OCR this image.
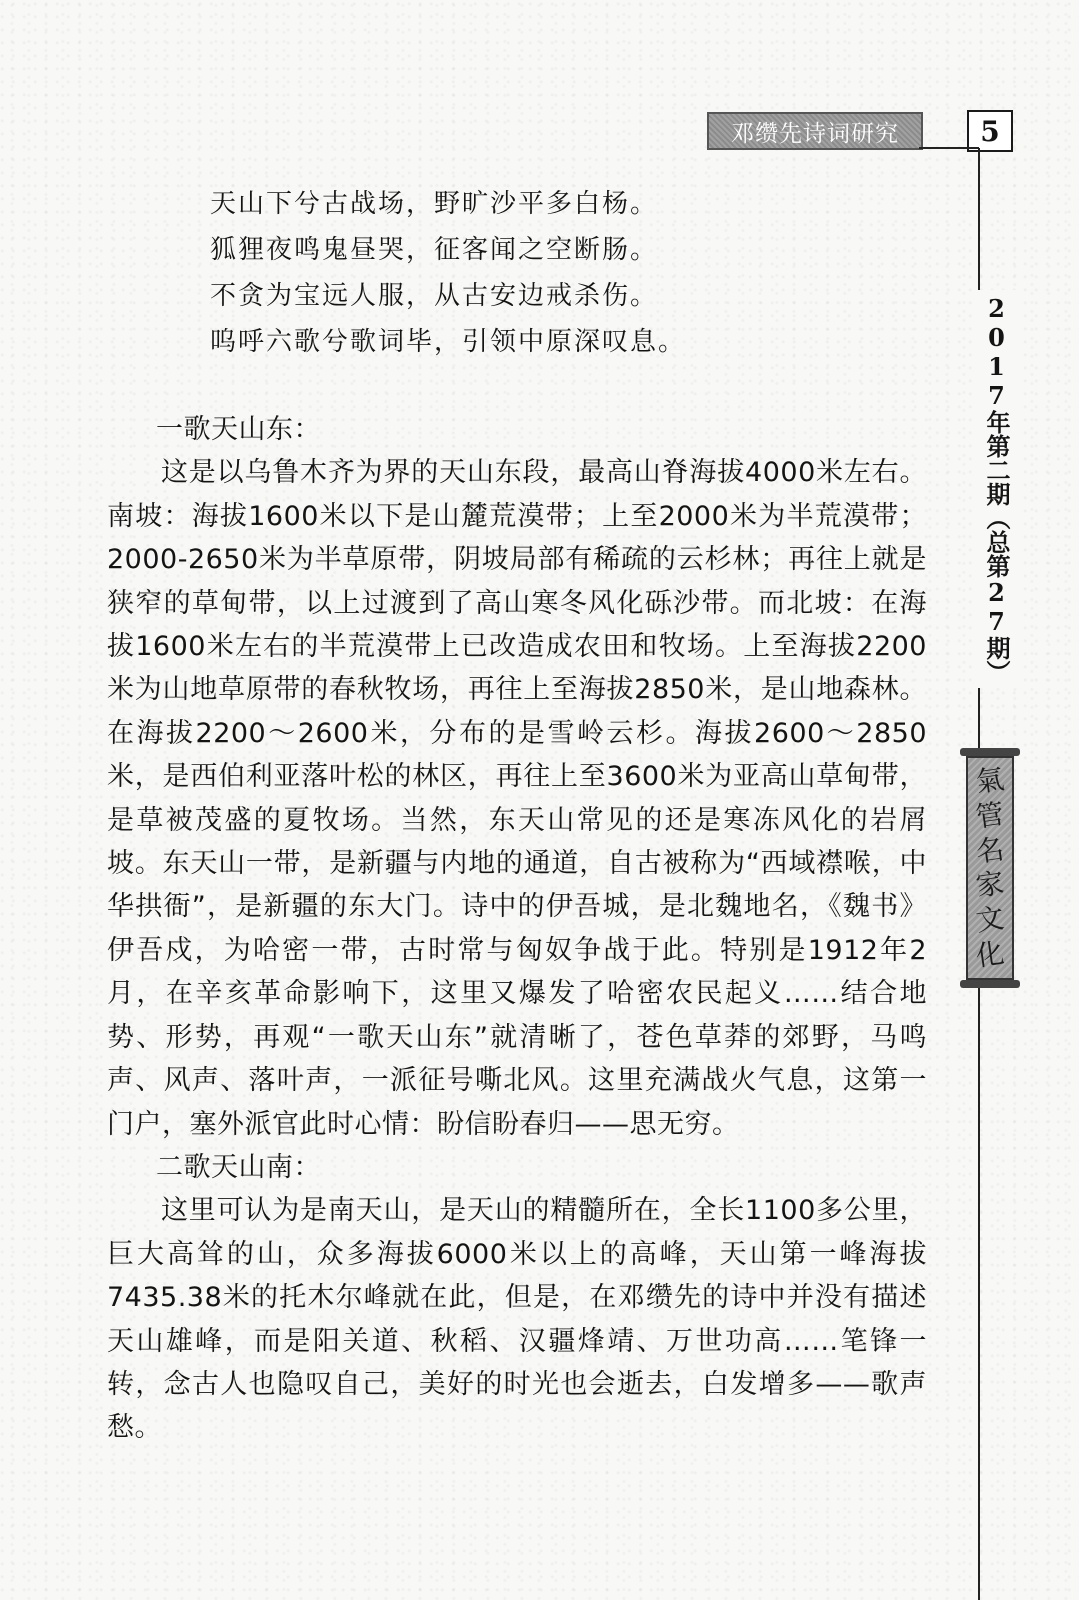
邓缵先诗词研究	5
2017年第二期（总第27期）
氣
管
名
家
文
化
天山下兮古战场，野旷沙平多白杨。
狐狸夜鸣鬼昼哭，征客闻之空断肠。
不贪为宝远人服，从古安边戒杀伤。
呜呼六歌兮歌词毕，引领中原深叹息。

一歌天山东：

这是以乌鲁木齐为界的天山东段，最高山脊海拔4000米左右。南坡：海拔1600米以下是山麓荒漠带；上至2000米为半荒漠带；2000-2650米为半草原带，阴坡局部有稀疏的云杉林；再往上就是狭窄的草甸带，以上过渡到了高山寒冬风化砾沙带。而北坡：在海拔1600米左右的半荒漠带上已改造成农田和牧场。上至海拔2200米为山地草原带的春秋牧场，再往上至海拔2850米，是山地森林。在海拔2200～2600米，分布的是雪岭云杉。海拔2600～2850米，是西伯利亚落叶松的林区，再往上至3600米为亚高山草甸带，是草被茂盛的夏牧场。当然，东天山常见的还是寒冻风化的岩屑坡。东天山一带，是新疆与内地的通道，自古被称为“西域襟喉，中华拱衙”，是新疆的东大门。诗中的伊吾城，是北魏地名，《魏书》伊吾戍，为哈密一带，古时常与匈奴争战于此。特别是1912年2月，在辛亥革命影响下，这里又爆发了哈密农民起义……结合地势、形势，再观“一歌天山东”就清晰了，苍色草莽的郊野，马鸣声、风声、落叶声，一派征号嘶北风。这里充满战火气息，这第一门户，塞外派官此时心情：盼信盼春归——思无穷。

二歌天山南：

这里可认为是南天山，是天山的精髓所在，全长1100多公里，巨大高耸的山，众多海拔6000米以上的高峰，天山第一峰海拔7435.38米的托木尔峰就在此，但是，在邓缵先的诗中并没有描述天山雄峰，而是阳关道、秋稻、汉疆烽靖、万世功高……笔锋一转，念古人也隐叹自己，美好的时光也会逝去，白发增多——歌声愁。
